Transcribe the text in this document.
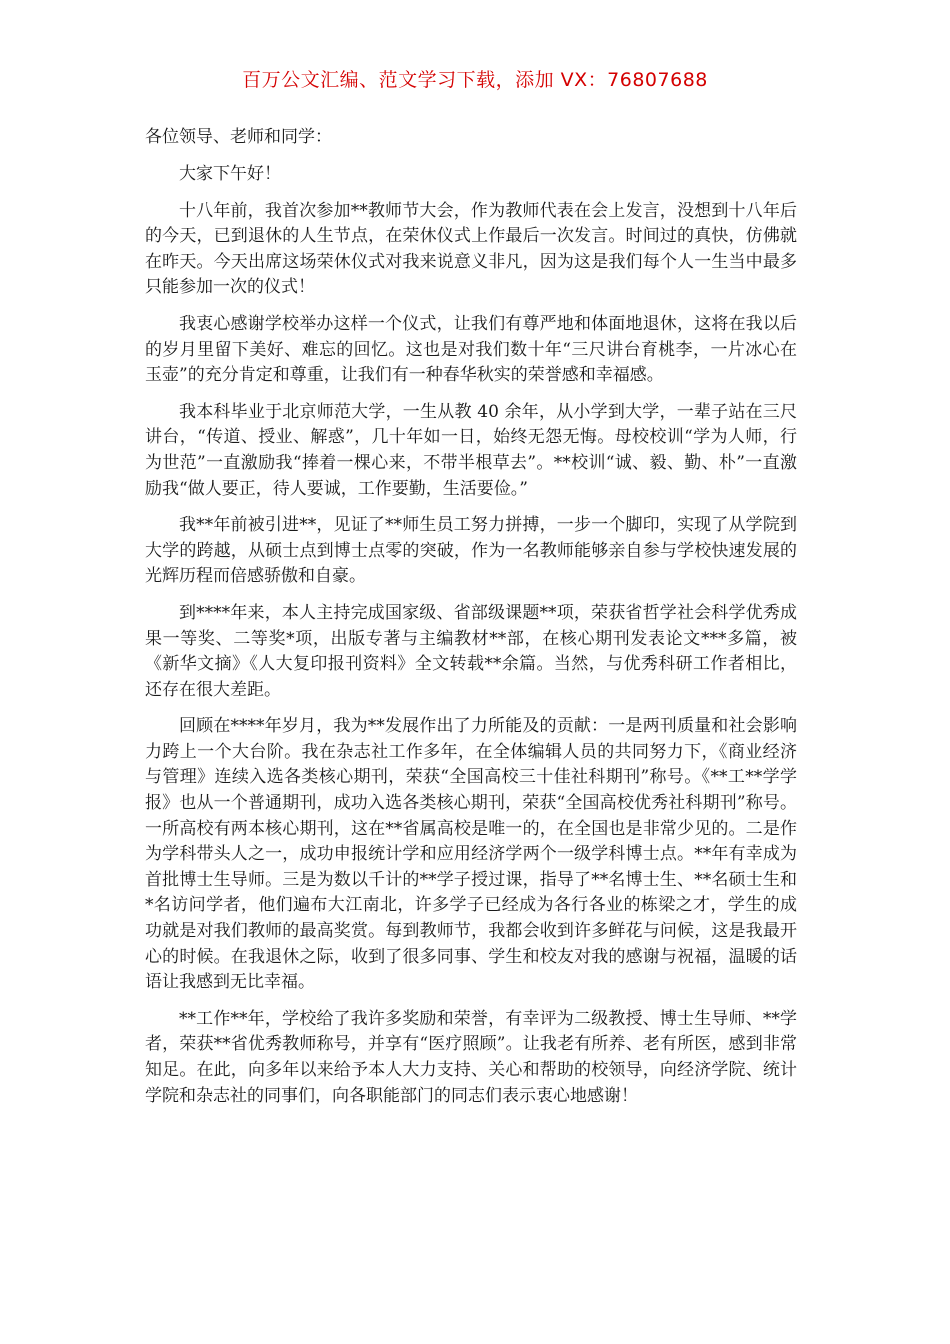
百万公文汇编、范文学习下载，添加 VX：76807688

各位领导、老师和同学：

大家下午好！

十八年前，我首次参加**教师节大会，作为教师代表在会上发言，没想到十八年后的今天，已到退休的人生节点，在荣休仪式上作最后一次发言。时间过的真快，仿佛就在昨天。今天出席这场荣休仪式对我来说意义非凡，因为这是我们每个人一生当中最多只能参加一次的仪式！

我衷心感谢学校举办这样一个仪式，让我们有尊严地和体面地退休，这将在我以后的岁月里留下美好、难忘的回忆。这也是对我们数十年“三尺讲台育桃李，一片冰心在玉壶”的充分肯定和尊重，让我们有一种春华秋实的荣誉感和幸福感。

我本科毕业于北京师范大学，一生从教 40 余年，从小学到大学，一辈子站在三尺讲台，“传道、授业、解惑”，几十年如一日，始终无怨无悔。母校校训“学为人师，行为世范”一直激励我“捧着一棵心来，不带半根草去”。**校训“诚、毅、勤、朴”一直激励我“做人要正，待人要诚，工作要勤，生活要俭。”

我**年前被引进**，见证了**师生员工努力拼搏，一步一个脚印，实现了从学院到大学的跨越，从硕士点到博士点零的突破，作为一名教师能够亲自参与学校快速发展的光辉历程而倍感骄傲和自豪。

到****年来，本人主持完成国家级、省部级课题**项，荣获省哲学社会科学优秀成果一等奖、二等奖*项，出版专著与主编教材**部，在核心期刊发表论文***多篇，被《新华文摘》《人大复印报刊资料》全文转载**余篇。当然，与优秀科研工作者相比，还存在很大差距。

回顾在****年岁月，我为**发展作出了力所能及的贡献：一是两刊质量和社会影响力跨上一个大台阶。我在杂志社工作多年，在全体编辑人员的共同努力下，《商业经济与管理》连续入选各类核心期刊，荣获“全国高校三十佳社科期刊”称号。《**工**学学报》也从一个普通期刊，成功入选各类核心期刊，荣获“全国高校优秀社科期刊”称号。一所高校有两本核心期刊，这在**省属高校是唯一的，在全国也是非常少见的。二是作为学科带头人之一，成功申报统计学和应用经济学两个一级学科博士点。**年有幸成为首批博士生导师。三是为数以千计的**学子授过课，指导了**名博士生、**名硕士生和*名访问学者，他们遍布大江南北，许多学子已经成为各行各业的栋梁之才，学生的成功就是对我们教师的最高奖赏。每到教师节，我都会收到许多鲜花与问候，这是我最开心的时候。在我退休之际，收到了很多同事、学生和校友对我的感谢与祝福，温暖的话语让我感到无比幸福。

**工作**年，学校给了我许多奖励和荣誉，有幸评为二级教授、博士生导师、**学者，荣获**省优秀教师称号，并享有“医疗照顾”。让我老有所养、老有所医，感到非常知足。在此，向多年以来给予本人大力支持、关心和帮助的校领导，向经济学院、统计学院和杂志社的同事们，向各职能部门的同志们表示衷心地感谢！
